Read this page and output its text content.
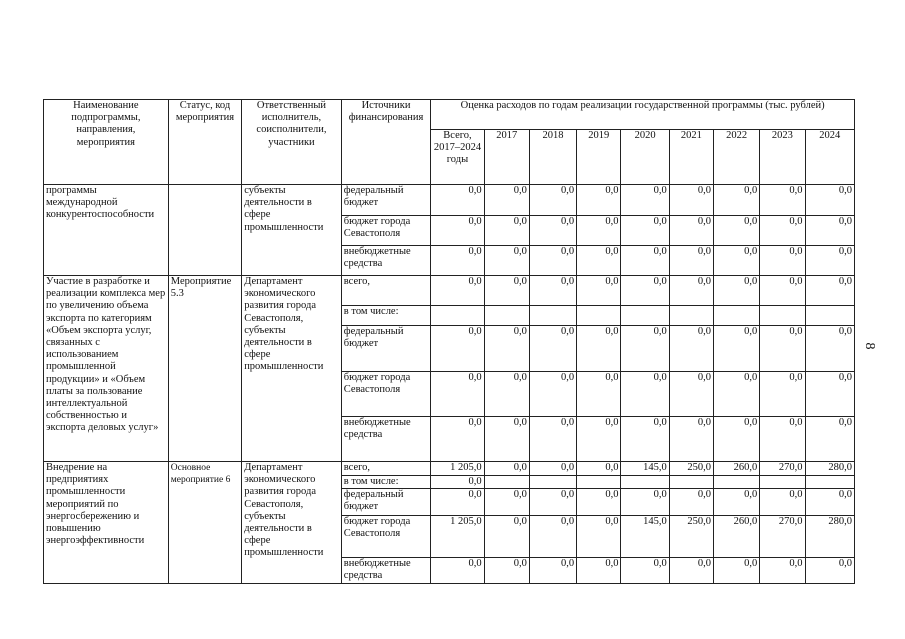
Наименование подпрограммы, направления, мероприятия	Статус, код мероприятия	Ответственный исполнитель, соисполнители, участники	Источники финансирования	Оценка расходов по годам реализации государственной программы (тыс. рублей)								
				Всего, 2017–2024 годы	2017	2018	2019	2020	2021	2022	2023	2024
программы международной конкурентоспособности		субъекты деятельности в сфере промышленности	федеральный бюджет	0,0	0,0	0,0	0,0	0,0	0,0	0,0	0,0	0,0
			бюджет города Севастополя	0,0	0,0	0,0	0,0	0,0	0,0	0,0	0,0	0,0
			внебюджетные средства	0,0	0,0	0,0	0,0	0,0	0,0	0,0	0,0	0,0
Участие в разработке и реализации комплекса мер по увеличению объема экспорта по категориям «Объем экспорта услуг, связанных с использованием промышленной продукции» и «Объем платы за пользование интеллектуальной собственностью и экспорта деловых услуг»	Мероприятие 5.3	Департамент экономического развития города Севастополя, субъекты деятельности в сфере промышленности	всего,	0,0	0,0	0,0	0,0	0,0	0,0	0,0	0,0	0,0
			в том числе:									
			федеральный бюджет	0,0	0,0	0,0	0,0	0,0	0,0	0,0	0,0	0,0
			бюджет города Севастополя	0,0	0,0	0,0	0,0	0,0	0,0	0,0	0,0	0,0
			внебюджетные средства	0,0	0,0	0,0	0,0	0,0	0,0	0,0	0,0	0,0
Внедрение на предприятиях промышленности мероприятий по энергосбережению и повышению энергоэффективности	Основное мероприятие 6	Департамент экономического развития города Севастополя, субъекты деятельности в сфере промышленности	всего,	1 205,0	0,0	0,0	0,0	145,0	250,0	260,0	270,0	280,0
			в том числе:	0,0								
			федеральный бюджет	0,0	0,0	0,0	0,0	0,0	0,0	0,0	0,0	0,0
			бюджет города Севастополя	1 205,0	0,0	0,0	0,0	145,0	250,0	260,0	270,0	280,0
			внебюджетные средства	0,0	0,0	0,0	0,0	0,0	0,0	0,0	0,0	0,0
8
